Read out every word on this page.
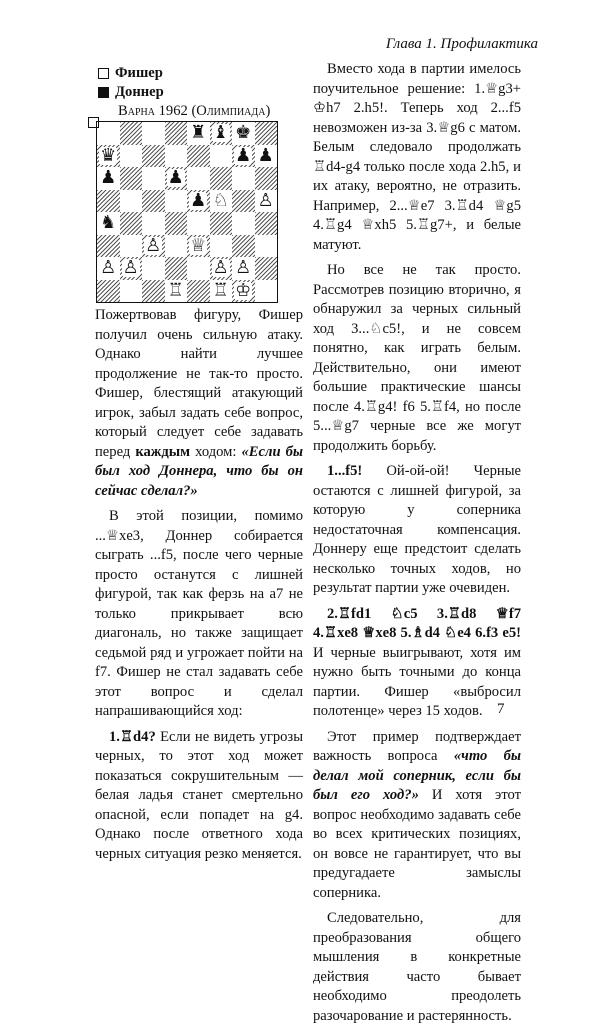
Глава 1. Профилактика
Фишер
Доннер
Варна 1962 (Олимпиада)
♜ ♝ ♚
♛	♟ ♟
♟	♟
♟ ♘ ♙
♞
♙ ♕
♙ ♙	♙ ♙
♖ ♖ ♔

Пожертвовав фигуру, Фишер получил очень сильную атаку. Однако найти лучшее продолжение не так-то просто. Фишер, блестящий атакующий игрок, забыл задать себе вопрос, который следует себе задавать перед каждым ходом: «Если бы был ход Доннера, что бы он сейчас сделал?»

В этой позиции, помимо ...♕xe3, Доннер собирается сыграть ...f5, после чего черные просто останутся с лишней фигурой, так как ферзь на a7 не только прикрывает всю диагональ, но также защищает седьмой ряд и угрожает пойти на f7. Фишер не стал задавать себе этот вопрос и сделал напрашивающийся ход:

1.♖d4? Если не видеть угрозы черных, то этот ход может показаться сокрушительным — белая ладья станет смертельно опасной, если попадет на g4. Однако после ответного хода черных ситуация резко меняется.

Вместо хода в партии имелось поучительное решение: 1.♕g3+ ♔h7 2.h5!. Теперь ход 2...f5 невозможен из-за 3.♕g6 с матом. Белым следовало продолжать ♖d4-g4 только после хода 2.h5, и их атаку, вероятно, не отразить. Например, 2...♕e7 3.♖d4 ♕g5 4.♖g4 ♕xh5 5.♖g7+, и белые матуют.

Но все не так просто. Рассмотрев позицию вторично, я обнаружил за черных сильный ход 3...♘c5!, и не совсем понятно, как играть белым. Действительно, они имеют большие практические шансы после 4.♖g4! f6 5.♖f4, но после 5...♕g7 черные все же могут продолжить борьбу.

1...f5! Ой-ой-ой! Черные остаются с лишней фигурой, за которую у соперника недостаточная компенсация. Доннеру еще предстоит сделать несколько точных ходов, но результат партии уже очевиден.

2.♖fd1 ♘c5 3.♖d8 ♕f7 4.♖xe8 ♕xe8 5.♗d4 ♘e4 6.f3 e5! И черные выигрывают, хотя им нужно быть точными до конца партии. Фишер «выбросил полотенце» через 15 ходов.

Этот пример подтверждает важность вопроса «что бы делал мой соперник, если бы был его ход?» И хотя этот вопрос необходимо задавать себе во всех критических позициях, он вовсе не гарантирует, что вы предугадаете замыслы соперника.

Следовательно, для преобразования общего мышления в конкретные действия часто бывает необходимо преодолеть разочарование и растерянность.

7
